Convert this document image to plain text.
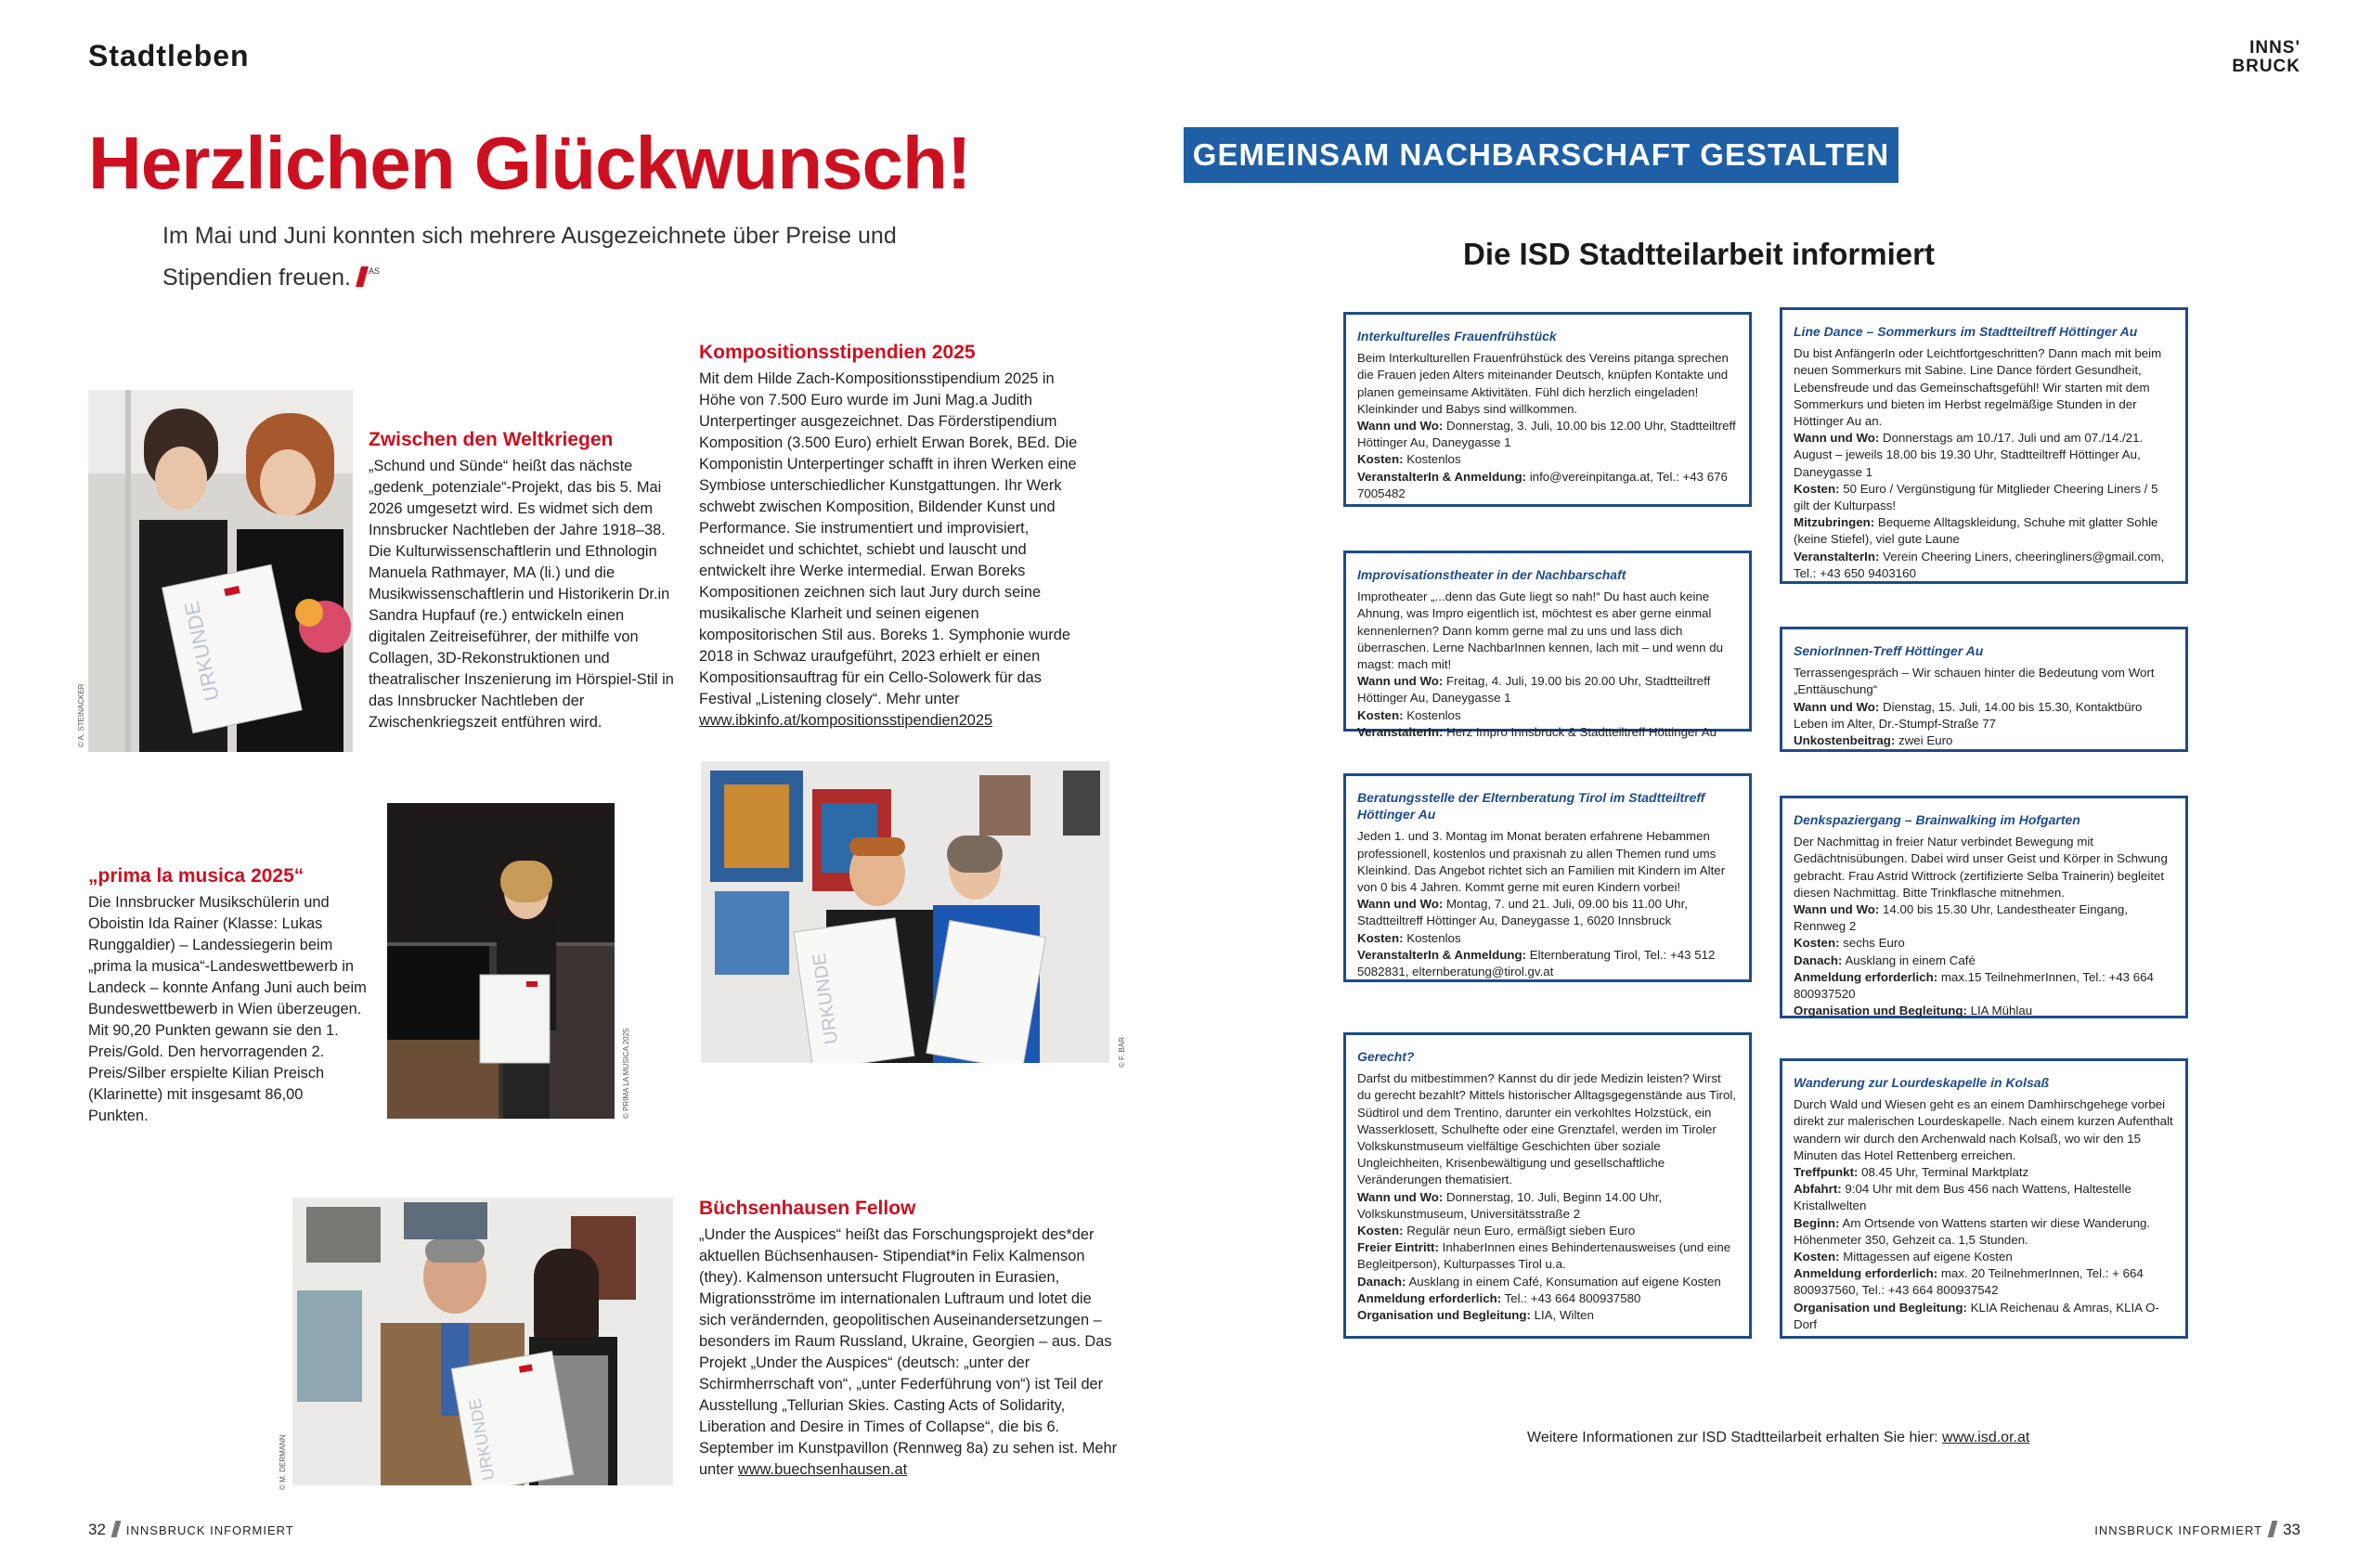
Stadtleben
Herzlichen Glückwunsch!
Im Mai und Juni konnten sich mehrere Ausgezeichnete über Preise und Stipendien freuen. $^{AS}$
URKUNDE
© A. STEINACKER
Zwischen den Weltkriegen
„Schund und Sünde“ heißt das nächste „gedenk_potenziale“-Projekt, das bis 5. Mai 2026 umgesetzt wird. Es widmet sich dem Innsbrucker Nachtleben der Jahre 1918–38. Die Kulturwissenschaftlerin und Ethnologin Manuela Rathmayer, MA (li.) und die Musikwissenschaftlerin und Historikerin Dr.in Sandra Hupfauf (re.) entwickeln einen digitalen Zeitreiseführer, der mithilfe von Collagen, 3D-Rekonstruktionen und theatralischer Inszenierung im Hörspiel-Stil in das Innsbrucker Nachtleben der Zwischenkriegszeit entführen wird.
Kompositionsstipendien 2025
Mit dem Hilde Zach-Kompositionsstipendium 2025 in Höhe von 7.500 Euro wurde im Juni Mag.a Judith Unterpertinger ausgezeichnet. Das Förderstipendium Komposition (3.500 Euro) erhielt Erwan Borek, BEd. Die Komponistin Unterpertinger schafft in ihren Werken eine Symbiose unterschiedlicher Kunstgattungen. Ihr Werk schwebt zwischen Komposition, Bildender Kunst und Performance. Sie instrumentiert und improvisiert, schneidet und schichtet, schiebt und lauscht und entwickelt ihre Werke intermedial. Erwan Boreks Kompositionen zeichnen sich laut Jury durch seine musikalische Klarheit und seinen eigenen kompositorischen Stil aus. Boreks 1. Symphonie wurde 2018 in Schwaz uraufgeführt, 2023 erhielt er einen Kompositionsauftrag für ein Cello-Solowerk für das Festival „Listening closely“. Mehr unter www.ibkinfo.at/kompositionsstipendien2025
URKUNDE
© F. BAR
„prima la musica 2025“
Die Innsbrucker Musikschülerin und Oboistin Ida Rainer (Klasse: Lukas Runggaldier) – Landessiegerin beim „prima la musica“-Landeswettbewerb in Landeck – konnte Anfang Juni auch beim Bundeswettbewerb in Wien überzeugen. Mit 90,20 Punkten gewann sie den 1. Preis/Gold. Den hervorragenden 2. Preis/Silber erspielte Kilian Preisch (Klarinette) mit insgesamt 86,00 Punkten.	© PRIMA LA MUSICA 2025
URKUNDE
© M. DERMANN
Büchsenhausen Fellow
„Under the Auspices“ heißt das Forschungsprojekt des*der aktuellen Büchsenhausen- Stipendiat*in Felix Kalmenson (they). Kalmenson untersucht Flugrouten in Eurasien, Migrationsströme im internationalen Luftraum und lotet die sich verändernden, geopolitischen Auseinandersetzungen – besonders im Raum Russland, Ukraine, Georgien – aus. Das Projekt „Under the Auspices“ (deutsch: „unter der Schirmherrschaft von“, „unter Federführung von“) ist Teil der Ausstellung „Tellurian Skies. Casting Acts of Solidarity, Liberation and Desire in Times of Collapse“, die bis 6. September im Kunstpavillon (Rennweg 8a) zu sehen ist. Mehr unter www.buechsenhausen.at
32 INNSBRUCK INFORMIERT
INNS'
BRUCK
GEMEINSAM NACHBARSCHAFT GESTALTEN
Die ISD Stadtteilarbeit informiert
Interkulturelles Frauenfrühstück

Beim Interkulturellen Frauenfrühstück des Vereins pitanga sprechen die Frauen jeden Alters miteinander Deutsch, knüpfen Kontakte und planen gemeinsame Aktivitäten. Fühl dich herzlich eingeladen! Kleinkinder und Babys sind willkommen.

Wann und Wo: Donnerstag, 3. Juli, 10.00 bis 12.00 Uhr, Stadtteiltreff Höttinger Au, Daneygasse 1

Kosten: Kostenlos

VeranstalterIn & Anmeldung: info@vereinpitanga.at, Tel.: +43 676 7005482

Improvisationstheater in der Nachbarschaft

Improtheater „...denn das Gute liegt so nah!“ Du hast auch keine Ahnung, was Impro eigentlich ist, möchtest es aber gerne einmal kennenlernen? Dann komm gerne mal zu uns und lass dich überraschen. Lerne NachbarInnen kennen, lach mit – und wenn du magst: mach mit!

Wann und Wo: Freitag, 4. Juli, 19.00 bis 20.00 Uhr, Stadtteiltreff Höttinger Au, Daneygasse 1

Kosten: Kostenlos

VeranstalterIn: Herz Impro Innsbruck & Stadtteiltreff Höttinger Au

Beratungsstelle der Elternberatung Tirol im Stadtteiltreff Höttinger Au

Jeden 1. und 3. Montag im Monat beraten erfahrene Hebammen professionell, kostenlos und praxisnah zu allen Themen rund ums Kleinkind. Das Angebot richtet sich an Familien mit Kindern im Alter von 0 bis 4 Jahren. Kommt gerne mit euren Kindern vorbei!

Wann und Wo: Montag, 7. und 21. Juli, 09.00 bis 11.00 Uhr, Stadtteiltreff Höttinger Au, Daneygasse 1, 6020 Innsbruck

Kosten: Kostenlos

VeranstalterIn & Anmeldung: Elternberatung Tirol, Tel.: +43 512 5082831, elternberatung@tirol.gv.at

Gerecht?

Darfst du mitbestimmen? Kannst du dir jede Medizin leisten? Wirst du gerecht bezahlt? Mittels historischer Alltagsgegenstände aus Tirol, Südtirol und dem Trentino, darunter ein verkohltes Holzstück, ein Wasserklosett, Schulhefte oder eine Grenztafel, werden im Tiroler Volkskunstmuseum vielfältige Geschichten über soziale Ungleichheiten, Krisenbewältigung und gesellschaftliche Veränderungen thematisiert.

Wann und Wo: Donnerstag, 10. Juli, Beginn 14.00 Uhr, Volkskunstmuseum, Universitätsstraße 2

Kosten: Regulär neun Euro, ermäßigt sieben Euro

Freier Eintritt: InhaberInnen eines Behindertenausweises (und eine Begleitperson), Kulturpasses Tirol u.a.

Danach: Ausklang in einem Café, Konsumation auf eigene Kosten

Anmeldung erforderlich: Tel.: +43 664 800937580

Organisation und Begleitung: LIA, Wilten

Line Dance – Sommerkurs im Stadtteiltreff Höttinger Au

Du bist AnfängerIn oder Leichtfortgeschritten? Dann mach mit beim neuen Sommerkurs mit Sabine. Line Dance fördert Gesundheit, Lebensfreude und das Gemeinschaftsgefühl! Wir starten mit dem Sommerkurs und bieten im Herbst regelmäßige Stunden in der Höttinger Au an.

Wann und Wo: Donnerstags am 10./17. Juli und am 07./14./21. August – jeweils 18.00 bis 19.30 Uhr, Stadtteiltreff Höttinger Au, Daneygasse 1

Kosten: 50 Euro / Vergünstigung für Mitglieder Cheering Liners / 5 gilt der Kulturpass!

Mitzubringen: Bequeme Alltagskleidung, Schuhe mit glatter Sohle (keine Stiefel), viel gute Laune

VeranstalterIn: Verein Cheering Liners, cheeringliners@gmail.com, Tel.: +43 650 9403160

SeniorInnen-Treff Höttinger Au

Terrassengespräch – Wir schauen hinter die Bedeutung vom Wort „Enttäuschung“

Wann und Wo: Dienstag, 15. Juli, 14.00 bis 15.30, Kontaktbüro Leben im Alter, Dr.-Stumpf-Straße 77

Unkostenbeitrag: zwei Euro

Denkspaziergang – Brainwalking im Hofgarten

Der Nachmittag in freier Natur verbindet Bewegung mit Gedächtnisübungen. Dabei wird unser Geist und Körper in Schwung gebracht. Frau Astrid Wittrock (zertifizierte Selba Trainerin) begleitet diesen Nachmittag. Bitte Trinkflasche mitnehmen.

Wann und Wo: 14.00 bis 15.30 Uhr, Landestheater Eingang, Rennweg 2

Kosten: sechs Euro

Danach: Ausklang in einem Café

Anmeldung erforderlich: max.15 TeilnehmerInnen, Tel.: +43 664 800937520

Organisation und Begleitung: LIA Mühlau

Wanderung zur Lourdeskapelle in Kolsaß

Durch Wald und Wiesen geht es an einem Damhirschgehege vorbei direkt zur malerischen Lourdeskapelle. Nach einem kurzen Aufenthalt wandern wir durch den Archenwald nach Kolsaß, wo wir den 15 Minuten das Hotel Rettenberg erreichen.

Treffpunkt: 08.45 Uhr, Terminal Marktplatz

Abfahrt: 9:04 Uhr mit dem Bus 456 nach Wattens, Haltestelle Kristallwelten

Beginn: Am Ortsende von Wattens starten wir diese Wanderung. Höhenmeter 350, Gehzeit ca. 1,5 Stunden.

Kosten: Mittagessen auf eigene Kosten

Anmeldung erforderlich: max. 20 TeilnehmerInnen, Tel.: + 664 800937560, Tel.: +43 664 800937542

Organisation und Begleitung: KLIA Reichenau & Amras, KLIA O-Dorf

Weitere Informationen zur ISD Stadtteilarbeit erhalten Sie hier: www.isd.or.at
INNSBRUCK INFORMIERT 33
